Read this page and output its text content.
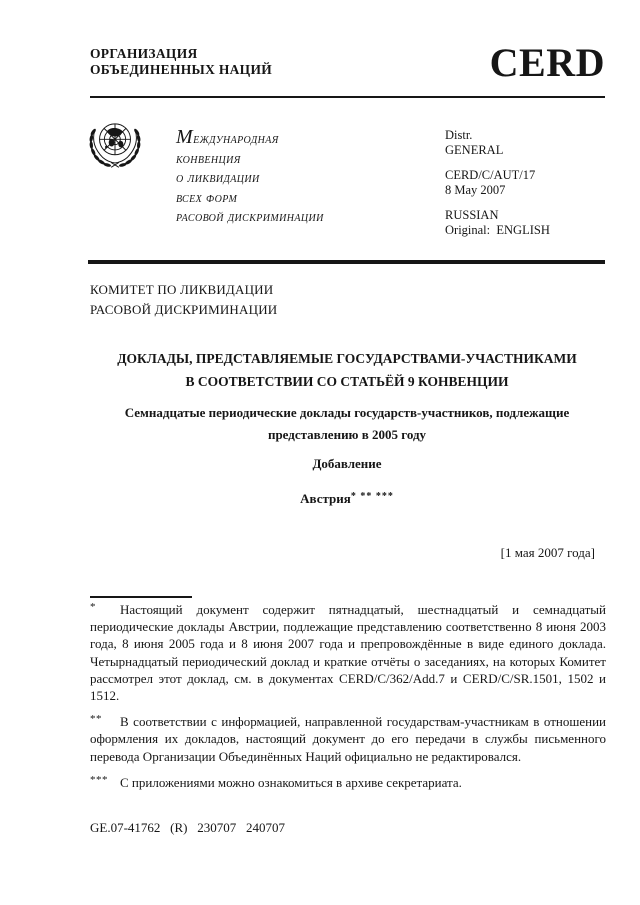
ОРГАНИЗАЦИЯ
ОБЪЕДИНЕННЫХ НАЦИЙ	CERD
Международная
конвенция
о ликвидации
всех форм
расовой дискриминации
Distr.
GENERAL
CERD/C/AUT/17
8 May 2007
RUSSIAN
Original:  ENGLISH
КОМИТЕТ ПО ЛИКВИДАЦИИ
РАСОВОЙ ДИСКРИМИНАЦИИ
ДОКЛАДЫ, ПРЕДСТАВЛЯЕМЫЕ ГОСУДАРСТВАМИ-УЧАСТНИКАМИ
В СООТВЕТСТВИИ СО СТАТЬЁЙ 9 КОНВЕНЦИИ
Семнадцатые периодические доклады государств-участников, подлежащие
представлению в 2005 году
Добавление
Австрия* ** ***
[1 мая 2007 года]

* Настоящий документ содержит пятнадцатый, шестнадцатый и семнадцатый периодические доклады Австрии, подлежащие представлению соответственно 8 июня 2003 года, 8 июня 2005 года и 8 июня 2007 года и препровождённые в виде единого доклада. Четырнадцатый периодический доклад и краткие отчёты о заседаниях, на которых Комитет рассмотрел этот доклад, см. в документах CERD/C/362/Add.7 и CERD/C/SR.1501, 1502 и 1512.

** В соответствии с информацией, направленной государствам-участникам в отношении оформления их докладов, настоящий документ до его передачи в службы письменного перевода Организации Объединённых Наций официально не редактировался.

*** С приложениями можно ознакомиться в архиве секретариата.

GE.07-41762   (R)   230707   240707
